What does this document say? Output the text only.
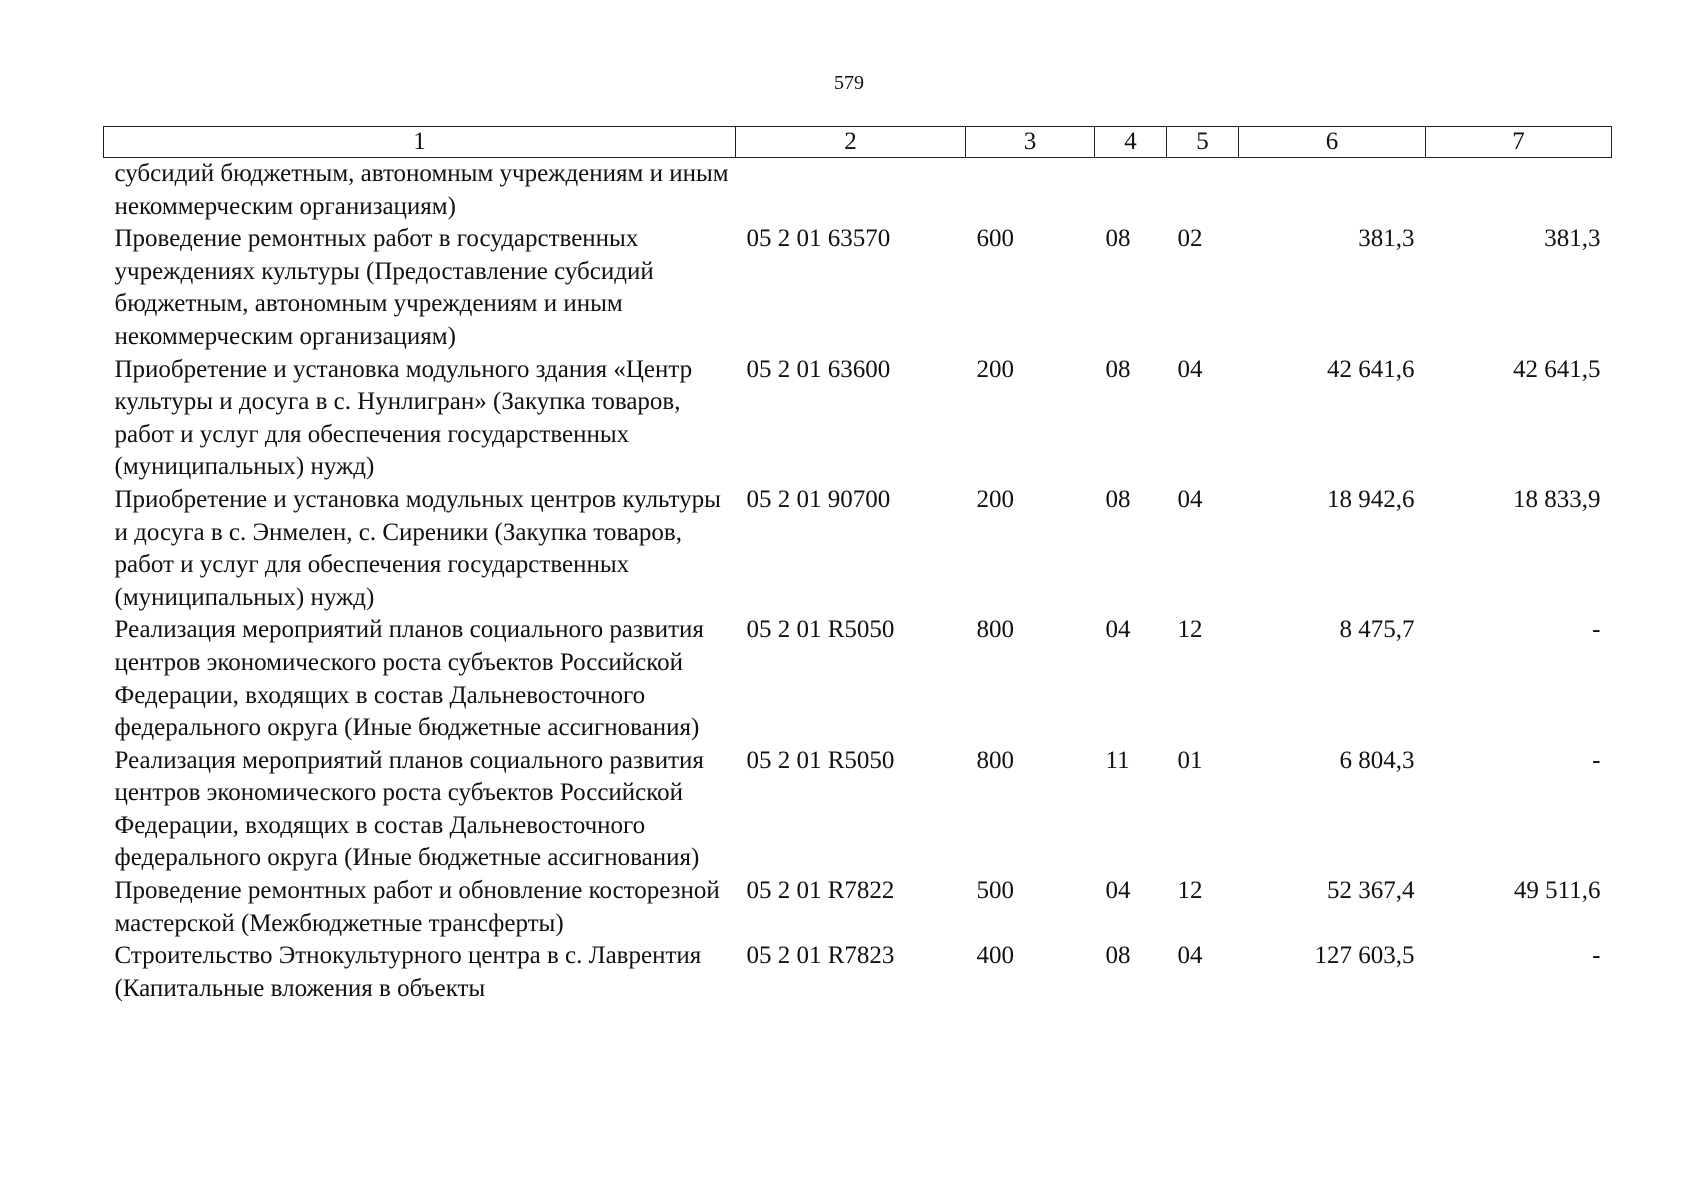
579
1	2	3	4	5	6	7
субсидий бюджетным, автономным учреждениям и иным некоммерческим организациям)						
Проведение ремонтных работ в государственных учреждениях культуры (Предоставление субсидий бюджетным, автономным учреждениям и иным некоммерческим организациям)	05 2 01 63570	600	08	02	381,3	381,3
Приобретение и установка модульного здания «Центр культуры и досуга в с. Нунлигран» (Закупка товаров, работ и услуг для обеспечения государственных (муниципальных) нужд)	05 2 01 63600	200	08	04	42 641,6	42 641,5
Приобретение и установка модульных центров культуры и досуга в с. Энмелен, с. Сиреники (Закупка товаров, работ и услуг для обеспечения государственных (муниципальных) нужд)	05 2 01 90700	200	08	04	18 942,6	18 833,9
Реализация мероприятий планов социального развития центров экономического роста субъектов Российской Федерации, входящих в состав Дальневосточного федерального округа (Иные бюджетные ассигнования)	05 2 01 R5050	800	04	12	8 475,7	-
Реализация мероприятий планов социального развития центров экономического роста субъектов Российской Федерации, входящих в состав Дальневосточного федерального округа (Иные бюджетные ассигнования)	05 2 01 R5050	800	11	01	6 804,3	-
Проведение ремонтных работ и обновление косторезной мастерской (Межбюджетные трансферты)	05 2 01 R7822	500	04	12	52 367,4	49 511,6
Строительство Этнокультурного центра в с. Лаврентия (Капитальные вложения в объекты	05 2 01 R7823	400	08	04	127 603,5	-
